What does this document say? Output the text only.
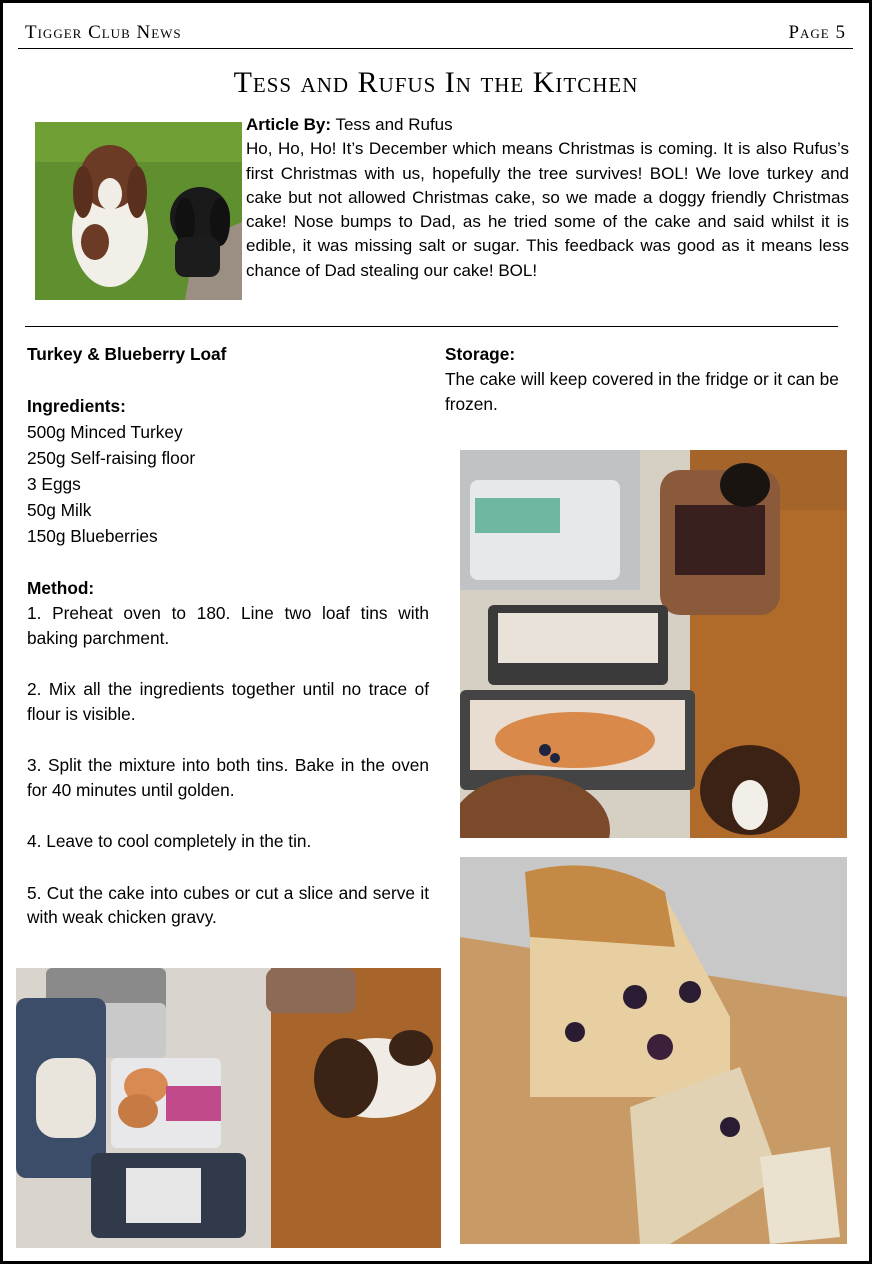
Tigger Club News	Page 5
Tess and Rufus In the Kitchen
Article By: Tess and Rufus
Ho, Ho, Ho! It’s December which means Christmas is coming. It is also Rufus’s first Christmas with us, hopefully the tree survives! BOL! We love turkey and cake but not allowed Christmas cake, so we made a doggy friendly Christmas cake! Nose bumps to Dad, as he tried some of the cake and said whilst it is edible, it was missing salt or sugar. This feedback was good as it means less chance of Dad stealing our cake! BOL!
Turkey & Blueberry Loaf
Ingredients:
500g Minced Turkey
250g Self-raising floor
3 Eggs
50g Milk
150g Blueberries
Method:

1. Preheat oven to 180. Line two loaf tins with baking parchment.

2. Mix all the ingredients together until no trace of flour is visible.

3. Split the mixture into both tins. Bake in the oven for 40 minutes until golden.

4. Leave to cool completely in the tin.

5. Cut the cake into cubes or cut a slice and serve it with weak chicken gravy.

Storage:
The cake will keep covered in the fridge or it can be frozen.
